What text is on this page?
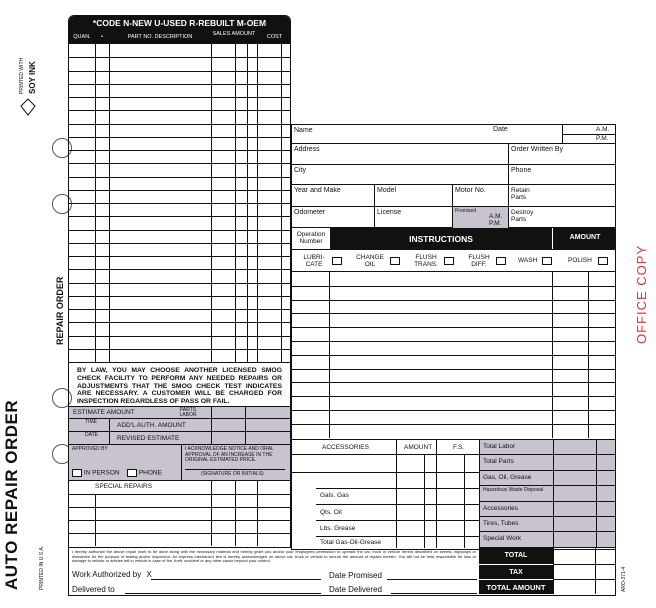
AUTO REPAIR ORDER	PRINTED IN U.S.A.
PRINTED WITH SOY INK
*CODE N-NEW U-USED R-REBUILT M-OEM
QUAN.	•	PART NO. DESCRIPTION	SALES AMOUNT	COST
REPAIR ORDER
BY LAW, YOU MAY CHOOSE ANOTHER LICENSED SMOG CHECK FACILITY TO PERFORM ANY NEEDED REPAIRS OR ADJUSTMENTS THAT THE SMOG CHECK TEST INDICATES ARE NECESSARY. A CUSTOMER WILL BE CHARGED FOR INSPECTION REGARDLESS OF PASS OR FAIL.
ESTIMATE AMOUNT	PARTS LABOR
TIME	ADD'L AUTH. AMOUNT
DATE	REVISED ESTIMATE
APPROVED BY
IN PERSON	PHONE
I ACKNOWLEDGE NOTICE AND ORAL APPROVAL OF AN INCREASE IN THE ORIGINAL ESTIMATED PRICE.
(SIGNATURE OR INITIALS)
SPECIAL REPAIRS
Name	Date	A.M.
P.M.
Address	Order Written By
City	Phone
Year and Make	Model	Motor No.	Retain Parts
Odometer	License	Promised
A.M.
P.M.
Destroy Parts
Operation Number	INSTRUCTIONS	AMOUNT
LUBRI-CATE
CHANGE OIL
FLUSH TRANS.
FLUSH DIFF.
WASH	POLISH
ACCESSORIES	AMOUNT	F.S.
Gals. Gas
Qts. Oil
Lbs. Grease
Total Gas-Oil-Grease
Total Labor
Total Parts
Gas, Oil, Grease
Hazardous Waste Disposal
Accessories
Tires, Tubes
Special Work
I hereby authorize the above repair work to be done along with the necessary material and hereby grant you and/or your employees permission to operate the car, truck or vehicle herein described on streets, highways or elsewhere for the purpose of testing and/or inspection. An express mechanic's lien is hereby acknowledged on above car, truck or vehicle to secure the amount of repairs thereto. You will not be held responsible for loss or damage to vehicle or articles left in vehicle in case of fire, theft, accident or any other cause beyond your control.
Work Authorized by X	Date Promised
Delivered to	Date Delivered
TOTAL
TAX
TOTAL AMOUNT
OFFICE COPY
ARO-371-4
